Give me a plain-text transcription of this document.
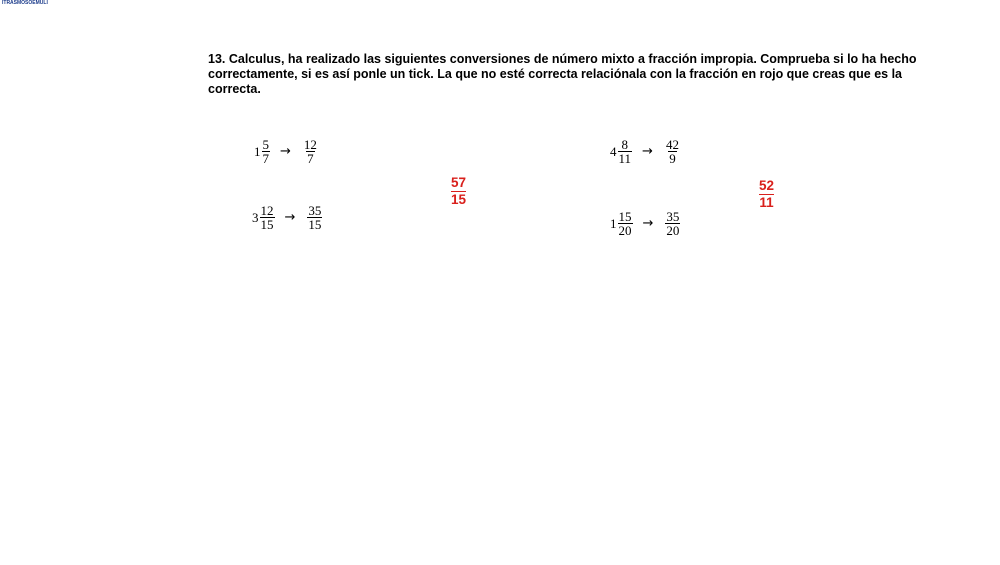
ITRASMOSOEMULI

13. Calculus, ha realizado las siguientes conversiones de número mixto a fracción impropia. Comprueba si lo ha hecho correctamente, si es así ponle un tick. La que no esté correcta relaciónala con la fracción en rojo que creas que es la correcta.

$1 \frac{5}{7} \to \frac{12}{7}$
$3 \frac{12}{15} \to \frac{35}{15}$
$4 \frac{8}{11} \to \frac{42}{9}$
$1 \frac{15}{20} \to \frac{35}{20}$
$\frac{57}{15}$	$\frac{52}{11}$
